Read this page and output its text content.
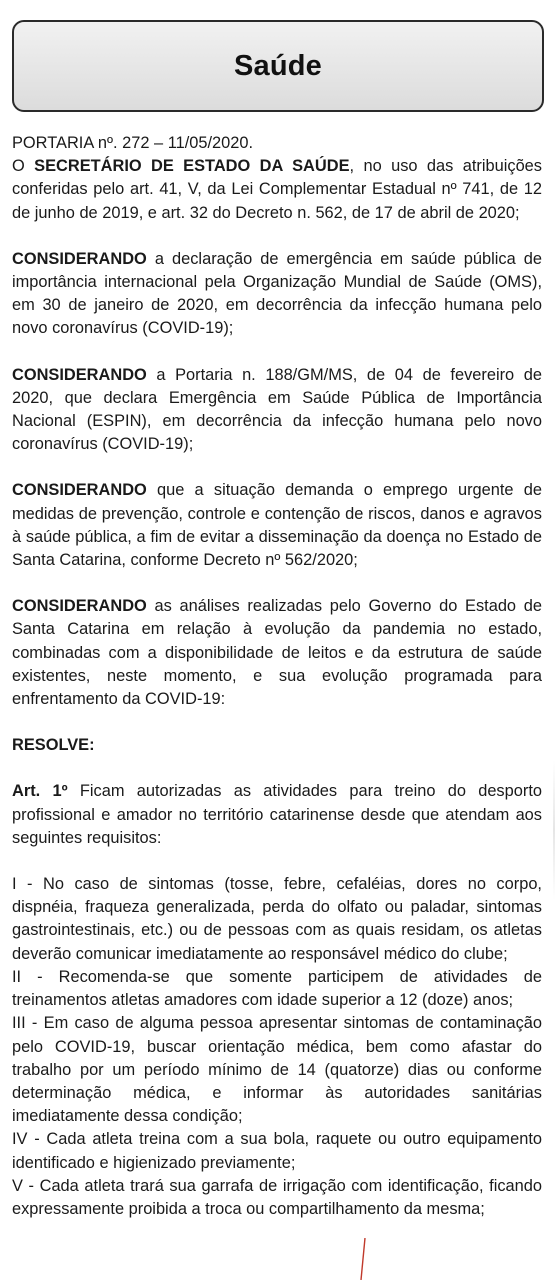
Saúde

PORTARIA nº. 272 – 11/05/2020.

O SECRETÁRIO DE ESTADO DA SAÚDE, no uso das atribuições conferidas pelo art. 41, V, da Lei Complementar Estadual nº 741, de 12 de junho de 2019, e art. 32 do Decreto n. 562, de 17 de abril de 2020;

CONSIDERANDO a declaração de emergência em saúde pública de importância internacional pela Organização Mundial de Saúde (OMS), em 30 de janeiro de 2020, em decorrência da infecção humana pelo novo coronavírus (COVID-19);

CONSIDERANDO a Portaria n. 188/GM/MS, de 04 de fevereiro de 2020, que declara Emergência em Saúde Pública de Importância Nacional (ESPIN), em decorrência da infecção humana pelo novo coronavírus (COVID-19);

CONSIDERANDO que a situação demanda o emprego urgente de medidas de prevenção, controle e contenção de riscos, danos e agravos à saúde pública, a fim de evitar a disseminação da doença no Estado de Santa Catarina, conforme Decreto nº 562/2020;

CONSIDERANDO as análises realizadas pelo Governo do Estado de Santa Catarina em relação à evolução da pandemia no estado, combinadas com a disponibilidade de leitos e da estrutura de saúde existentes, neste momento, e sua evolução programada para enfrentamento da COVID-19:

RESOLVE:

Art. 1º Ficam autorizadas as atividades para treino do desporto profissional e amador no território catarinense desde que atendam aos seguintes requisitos:

I - No caso de sintomas (tosse, febre, cefaléias, dores no corpo, dispnéia, fraqueza generalizada, perda do olfato ou paladar, sintomas gastrointestinais, etc.) ou de pessoas com as quais residam, os atletas deverão comunicar imediatamente ao responsável médico do clube;

II - Recomenda-se que somente participem de atividades de treinamentos atletas amadores com idade superior a 12 (doze) anos;

III - Em caso de alguma pessoa apresentar sintomas de contaminação pelo COVID-19, buscar orientação médica, bem como afastar do trabalho por um período mínimo de 14 (quatorze) dias ou conforme determinação médica, e informar às autoridades sanitárias imediatamente dessa condição;

IV - Cada atleta treina com a sua bola, raquete ou outro equipamento identificado e higienizado previamente;

V - Cada atleta trará sua garrafa de irrigação com identificação, ficando expressamente proibida a troca ou compartilhamento da mesma;
